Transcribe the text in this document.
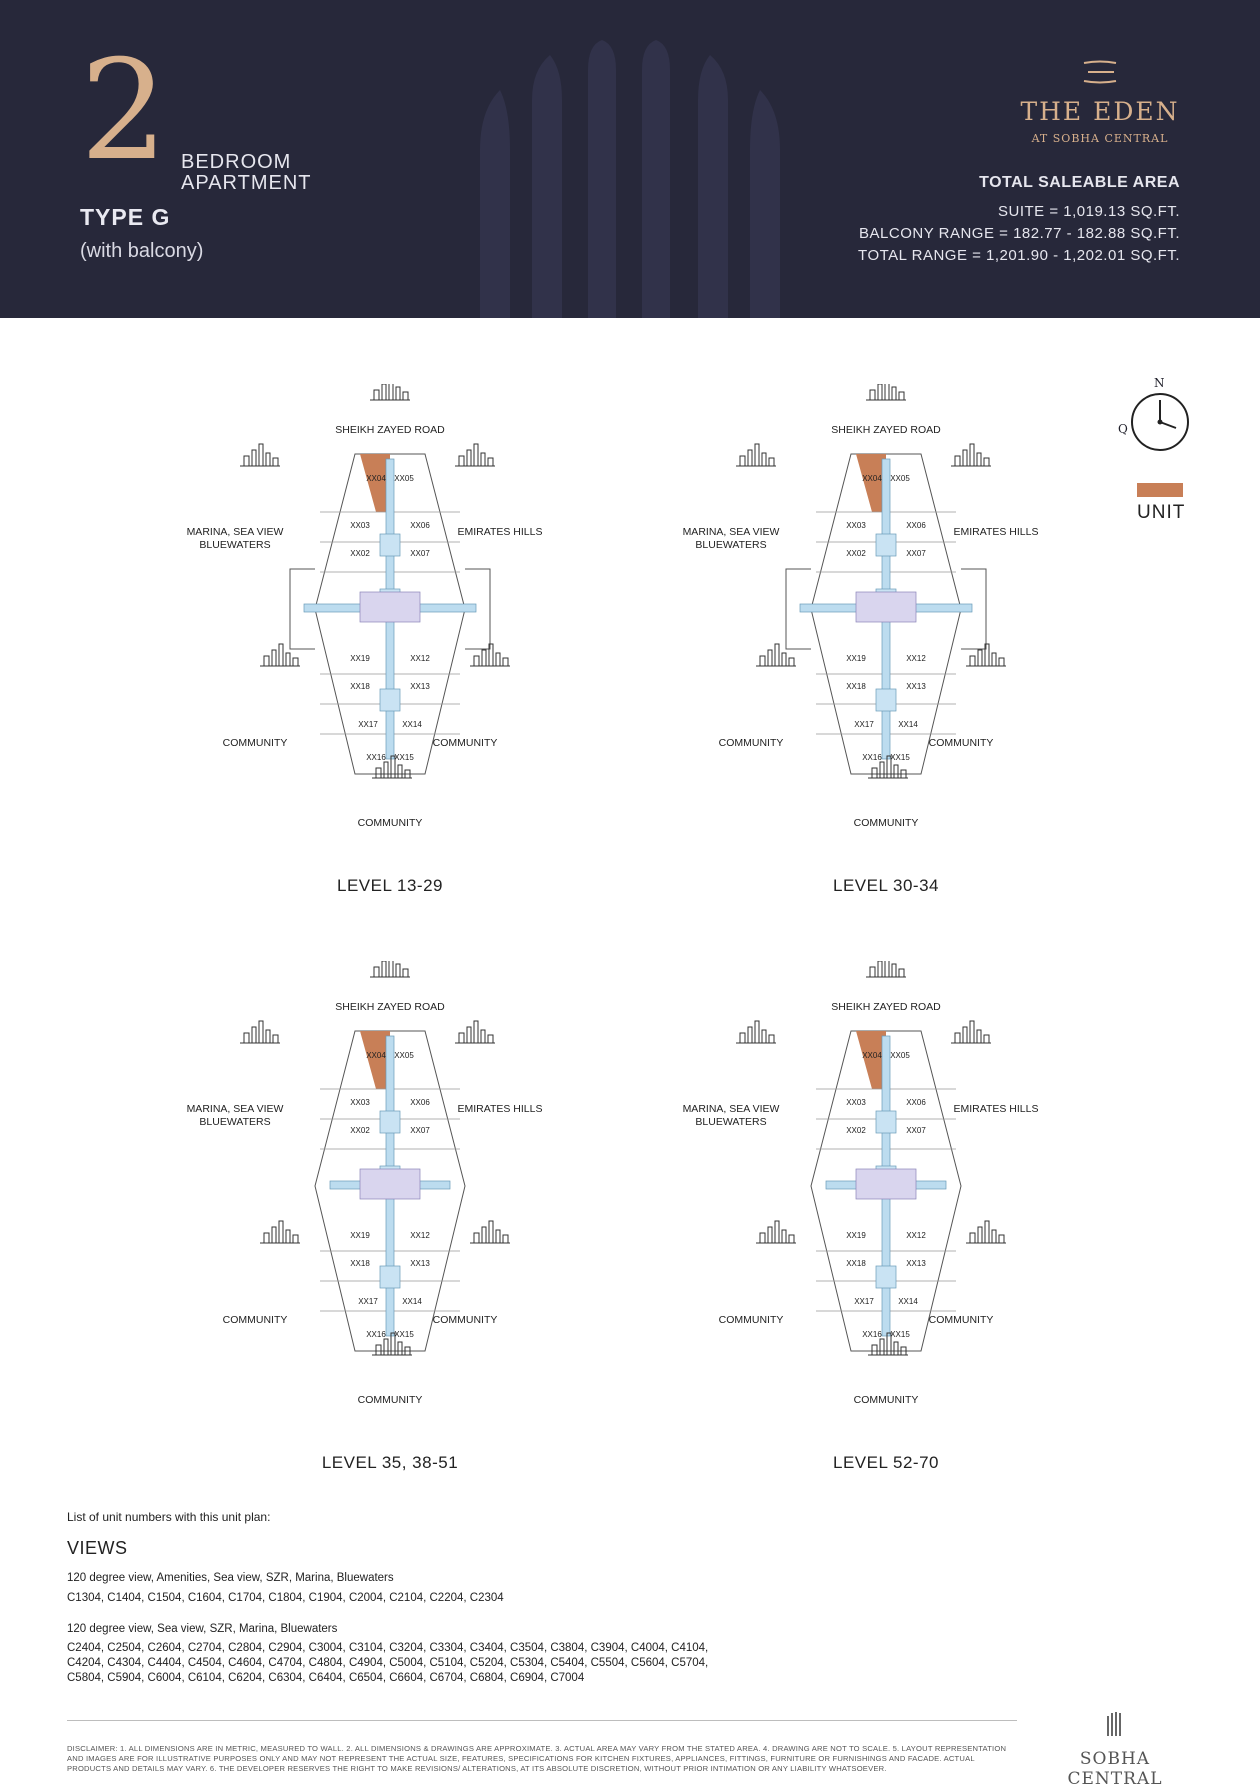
2 BEDROOM
APARTMENT
TYPE G
(with balcony)
THE EDEN
AT SOBHA CENTRAL
TOTAL SALEABLE AREA
SUITE = 1,019.13 SQ.FT.
BALCONY RANGE = 182.77 - 182.88 SQ.FT.
TOTAL RANGE = 1,201.90 - 1,202.01 SQ.FT.
N
Q
UNIT
XX04 XX05
XX03	XX06
XX02	XX07
XX19	XX12
XX18	XX13
XX17	XX14
XX16 XX15
SHEIKH ZAYED ROAD
MARINA, SEA VIEW
BLUEWATERS
EMIRATES HILLS
COMMUNITY	COMMUNITY
COMMUNITY
LEVEL 13-29
XX04 XX05
XX03	XX06
XX02	XX07
XX19	XX12
XX18	XX13
XX17	XX14
XX16 XX15
SHEIKH ZAYED ROAD
MARINA, SEA VIEW
BLUEWATERS
EMIRATES HILLS
COMMUNITY	COMMUNITY
COMMUNITY
LEVEL 30-34
XX04 XX05
XX03	XX06
XX02	XX07
XX19	XX12
XX18	XX13
XX17	XX14
XX16 XX15
SHEIKH ZAYED ROAD
MARINA, SEA VIEW
BLUEWATERS
EMIRATES HILLS
COMMUNITY	COMMUNITY
COMMUNITY
LEVEL 35, 38-51
XX04 XX05
XX03	XX06
XX02	XX07
XX19	XX12
XX18	XX13
XX17	XX14
XX16 XX15
SHEIKH ZAYED ROAD
MARINA, SEA VIEW
BLUEWATERS
EMIRATES HILLS
COMMUNITY	COMMUNITY
COMMUNITY
LEVEL 52-70
List of unit numbers with this unit plan:
VIEWS
120 degree view, Amenities, Sea view, SZR, Marina, Bluewaters
C1304, C1404, C1504, C1604, C1704, C1804, C1904, C2004, C2104, C2204, C2304
120 degree view, Sea view, SZR, Marina, Bluewaters
C2404, C2504, C2604, C2704, C2804, C2904, C3004, C3104, C3204, C3304, C3404, C3504, C3804, C3904, C4004, C4104,
C4204, C4304, C4404, C4504, C4604, C4704, C4804, C4904, C5004, C5104, C5204, C5304, C5404, C5504, C5604, C5704,
C5804, C5904, C6004, C6104, C6204, C6304, C6404, C6504, C6604, C6704, C6804, C6904, C7004
DISCLAIMER: 1. ALL DIMENSIONS ARE IN METRIC, MEASURED TO WALL. 2. ALL DIMENSIONS & DRAWINGS ARE APPROXIMATE. 3. ACTUAL AREA MAY VARY FROM THE STATED AREA. 4. DRAWING ARE NOT TO SCALE. 5. LAYOUT REPRESENTATION AND IMAGES ARE FOR ILLUSTRATIVE PURPOSES ONLY AND MAY NOT REPRESENT THE ACTUAL SIZE, FEATURES, SPECIFICATIONS FOR KITCHEN FIXTURES, APPLIANCES, FITTINGS, FURNITURE OR FURNISHINGS AND FACADE. ACTUAL PRODUCTS AND DETAILS MAY VARY. 6. THE DEVELOPER RESERVES THE RIGHT TO MAKE REVISIONS/ ALTERATIONS, AT ITS ABSOLUTE DISCRETION, WITHOUT PRIOR INTIMATION OR ANY LIABILITY WHATSOEVER.	SOBHA CENTRAL
